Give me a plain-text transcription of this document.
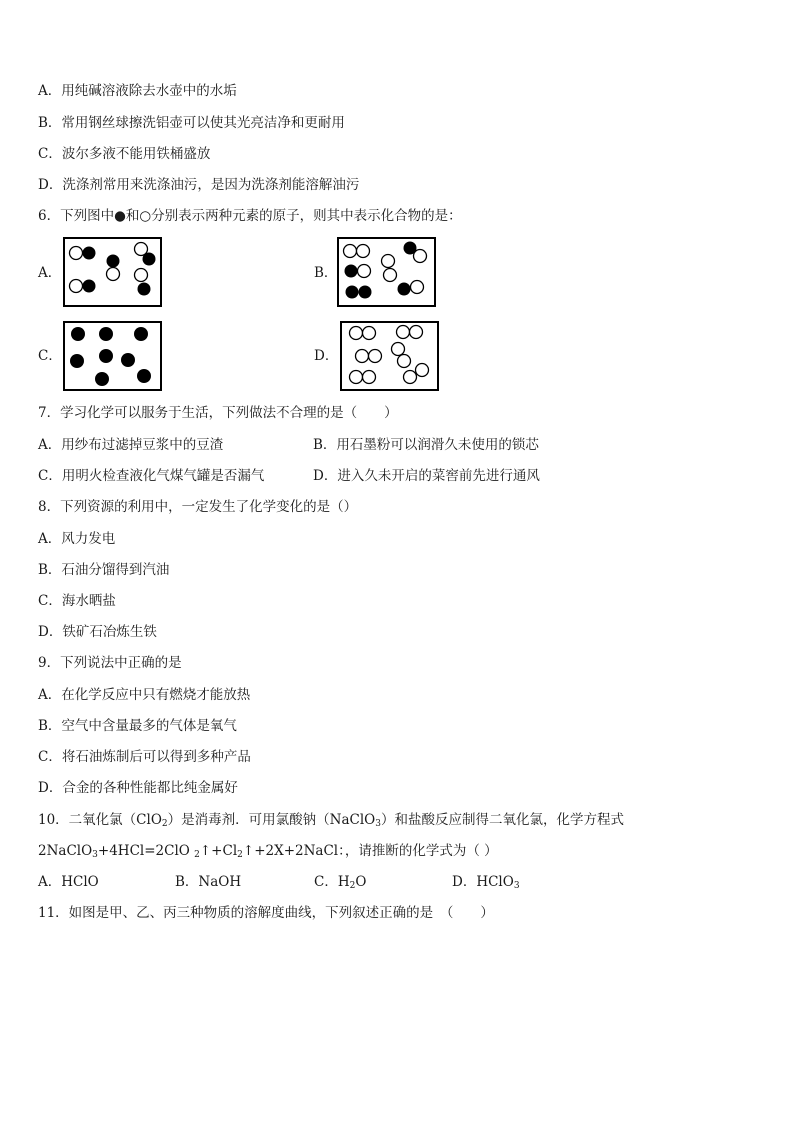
A．用纯碱溶液除去水壶中的水垢
B．常用钢丝球擦洗铝壶可以使其光亮洁净和更耐用
C．波尔多液不能用铁桶盛放
D．洗涤剂常用来洗涤油污，是因为洗涤剂能溶解油污
6．下列图中●和○分别表示两种元素的原子，则其中表示化合物的是：
A．	B．
C．	D．
7．学习化学可以服务于生活，下列做法不合理的是（　　）
A．用纱布过滤掉豆浆中的豆渣	B．用石墨粉可以润滑久未使用的锁芯
C．用明火检查液化气煤气罐是否漏气	D．进入久未开启的菜窖前先进行通风
8．下列资源的利用中，一定发生了化学变化的是（）
A．风力发电
B．石油分馏得到汽油
C．海水晒盐
D．铁矿石冶炼生铁
9．下列说法中正确的是
A．在化学反应中只有燃烧才能放热
B．空气中含量最多的气体是氧气
C．将石油炼制后可以得到多种产品
D．合金的各种性能都比纯金属好
10．二氧化氯（ClO$_2$）是消毒剂．可用氯酸钠（NaClO$_3$）和盐酸反应制得二氧化氯，化学方程式
2NaClO$_3$+4HCl=2ClO $_2↑+Cl_2↑+2X+2NaCl$：，请推断的化学式为（ ）
A．HClO	B．NaOH	C．$H_2O$	D．HClO$_3$
11．如图是甲、乙、丙三种物质的溶解度曲线，下列叙述正确的是　（　　）
